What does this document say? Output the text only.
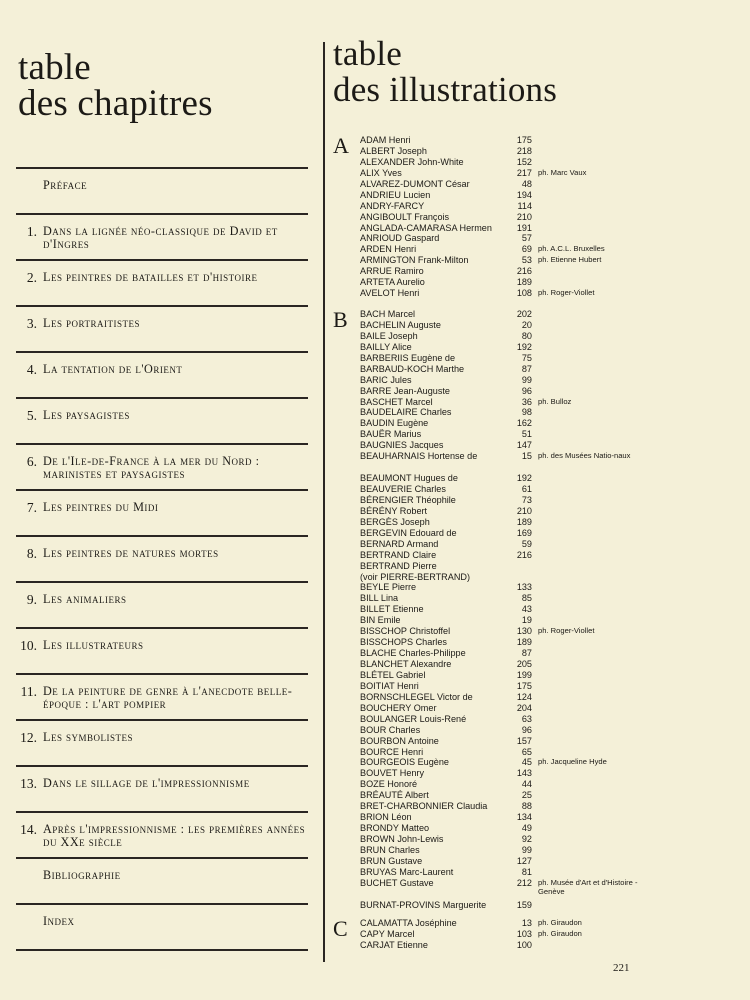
table
des chapitres
Préface
1. Dans la lignée néo-classique de David et d'Ingres
2. Les peintres de batailles et d'histoire
3. Les portraitistes
4. La tentation de l'Orient
5. Les paysagistes
6. De l'Ile-de-France à la mer du Nord : marinistes et paysagistes
7. Les peintres du Midi
8. Les peintres de natures mortes
9. Les animaliers
10. Les illustrateurs
11. De la peinture de genre à l'anecdote belle-époque : l'art pompier
12. Les symbolistes
13. Dans le sillage de l'impressionnisme
14. Après l'impressionnisme : les premières années du XXe siècle
Bibliographie
Index
table
des illustrations
A ADAM Henri	175
ALBERT Joseph	218
ALEXANDER John-White	152
ALIX Yves	217 ph. Marc Vaux
ALVAREZ-DUMONT César	48
ANDRIEU Lucien	194
ANDRY-FARCY	114
ANGIBOULT François	210
ANGLADA-CAMARASA Hermen	191
ANRIOUD Gaspard	57
ARDEN Henri	69 ph. A.C.L. Bruxelles
ARMINGTON Frank-Milton	53 ph. Etienne Hubert
ARRUE Ramiro	216
ARTETA Aurelio	189
AVELOT Henri	108 ph. Roger-Viollet
B BACH Marcel	202
BACHELIN Auguste	20
BAILE Joseph	80
BAILLY Alice	192
BARBERIIS Eugène de	75
BARBAUD-KOCH Marthe	87
BARIC Jules	99
BARRE Jean-Auguste	96
BASCHET Marcel	36 ph. Bulloz
BAUDELAIRE Charles	98
BAUDIN Eugène	162
BAUËR Marius	51
BAUGNIES Jacques	147
BEAUHARNAIS Hortense de	15 ph. des Musées Natio-naux
BEAUMONT Hugues de	192
BEAUVERIE Charles	61
BÉRENGIER Théophile	73
BÉRÉNY Robert	210
BERGÈS Joseph	189
BERGEVIN Edouard de	169
BERNARD Armand	59
BERTRAND Claire	216
BERTRAND Pierre
(voir PIERRE-BERTRAND)
BEYLE Pierre	133
BILL Lina	85
BILLET Etienne	43
BIN Emile	19
BISSCHOP Christoffel	130 ph. Roger-Viollet
BISSCHOPS Charles	189
BLACHE Charles-Philippe	87
BLANCHET Alexandre	205
BLÉTEL Gabriel	199
BOITIAT Henri	175
BORNSCHLEGEL Victor de	124
BOUCHERY Omer	204
BOULANGER Louis-René	63
BOUR Charles	96
BOURBON Antoine	157
BOURCE Henri	65
BOURGEOIS Eugène	45 ph. Jacqueline Hyde
BOUVET Henry	143
BOZE Honoré	44
BRÉAUTÉ Albert	25
BRET-CHARBONNIER Claudia	88
BRION Léon	134
BRONDY Matteo	49
BROWN John-Lewis	92
BRUN Charles	99
BRUN Gustave	127
BRUYAS Marc-Laurent	81
BUCHET Gustave	212 ph. Musée d'Art et d'Histoire - Genève
BURNAT-PROVINS Marguerite	159
C CALAMATTA Joséphine	13 ph. Giraudon
CAPY Marcel	103 ph. Giraudon
CARJAT Etienne	100
221
